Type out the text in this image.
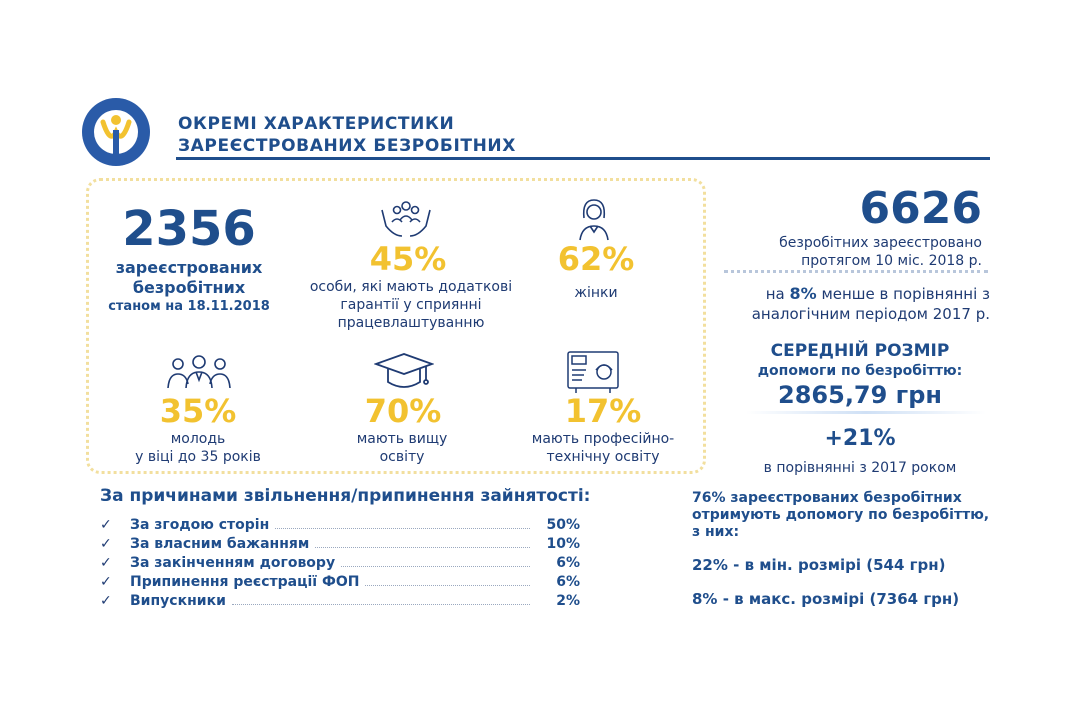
ОКРЕМІ ХАРАКТЕРИСТИКИ
ЗАРЕЄСТРОВАНИХ БЕЗРОБІТНИХ
2356
зареєстрованих
безробітних
станом на 18.11.2018
45%
особи, які мають додаткові
гарантії у сприянні
працевлаштуванню
62%
жінки
35%
молодь
у віці до 35 років
70%
мають вищу
освіту
17%
мають професійно-
технічну освіту
За причинами звільнення/припинення зайнятості:
✓	За згодою сторін	50%
✓	За власним бажанням	10%
✓	За закінченням договору	6%
✓	Припинення реєстрації ФОП	6%
✓	Випускники	2%
6626
безробітних зареєстровано
протягом 10 міс. 2018 р.
на 8% менше в порівнянні з
аналогічним періодом 2017 р.
СЕРЕДНІЙ РОЗМІР
допомоги по безробіттю:
2865,79 грн
+21%
в порівнянні з 2017 роком
76% зареєстрованих безробітних
отримують допомогу по безробіттю,
з них:
22% - в мін. розмірі (544 грн)
8% - в макс. розмірі (7364 грн)
